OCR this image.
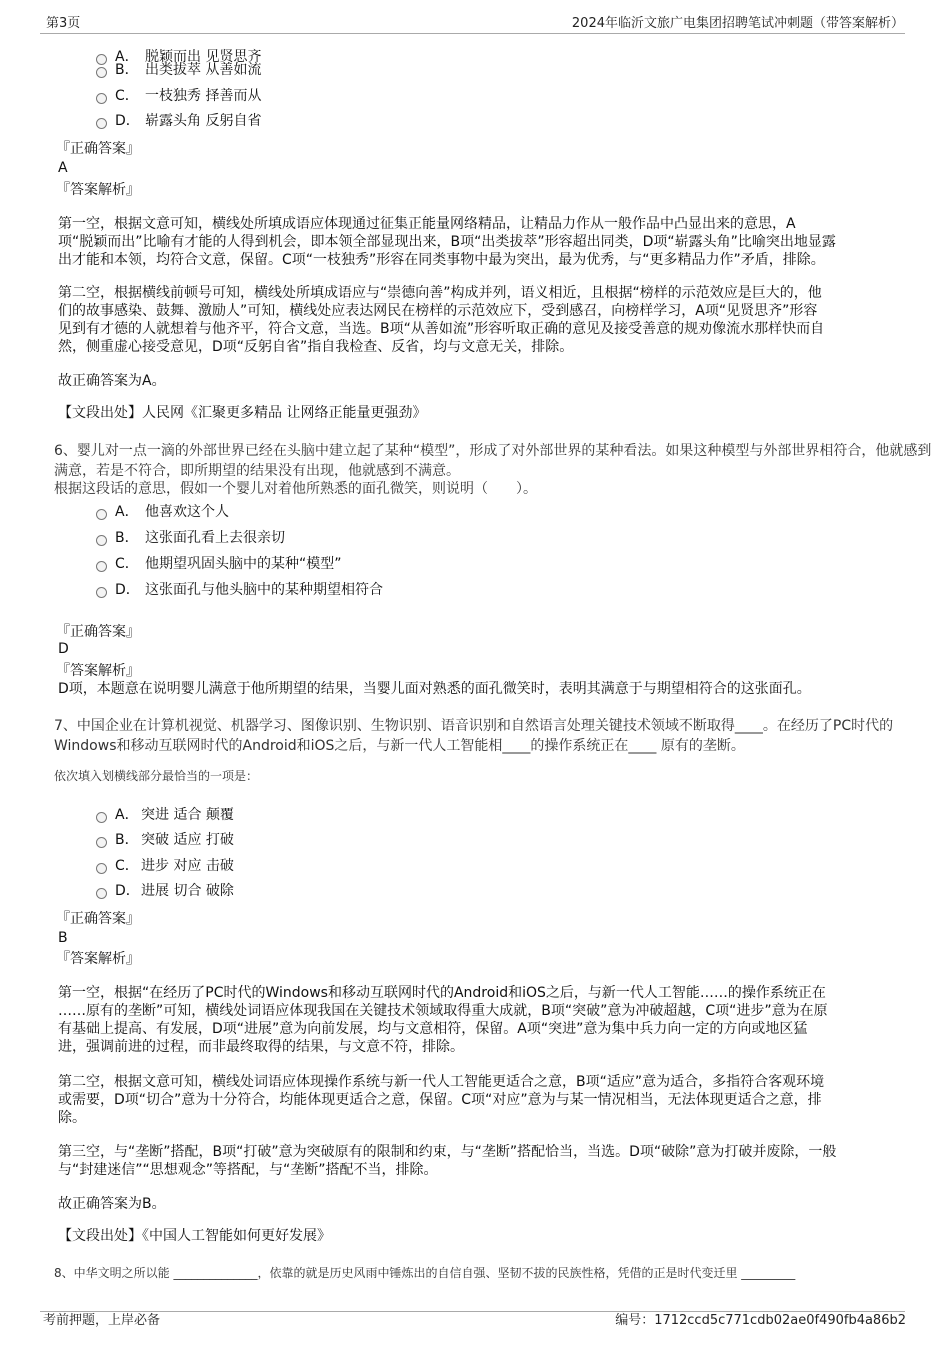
第3页	2024年临沂文旅广电集团招聘笔试冲刺题（带答案解析）
A． 脱颖而出 见贤思齐
B． 出类拔萃 从善如流
C． 一枝独秀 择善而从
D． 崭露头角 反躬自省
『正确答案』
A
『答案解析』
第一空，根据文意可知，横线处所填成语应体现通过征集正能量网络精品，让精品力作从一般作品中凸显出来的意思，A
项“脱颖而出”比喻有才能的人得到机会，即本领全部显现出来，B项“出类拔萃”形容超出同类，D项“崭露头角”比喻突出地显露
出才能和本领，均符合文意，保留。C项“一枝独秀”形容在同类事物中最为突出，最为优秀，与“更多精品力作”矛盾，排除。
第二空，根据横线前顿号可知，横线处所填成语应与“崇德向善”构成并列，语义相近，且根据“榜样的示范效应是巨大的，他
们的故事感染、鼓舞、激励人”可知，横线处应表达网民在榜样的示范效应下，受到感召，向榜样学习，A项“见贤思齐”形容
见到有才德的人就想着与他齐平，符合文意，当选。B项“从善如流”形容听取正确的意见及接受善意的规劝像流水那样快而自
然，侧重虚心接受意见，D项“反躬自省”指自我检查、反省，均与文意无关，排除。
故正确答案为A。
【文段出处】人民网《汇聚更多精品 让网络正能量更强劲》
6、婴儿对一点一滴的外部世界已经在头脑中建立起了某种“模型”，形成了对外部世界的某种看法。如果这种模型与外部世界相符合，他就感到
满意，若是不符合，即所期望的结果没有出现，他就感到不满意。
根据这段话的意思，假如一个婴儿对着他所熟悉的面孔微笑，则说明（　　）。
A． 他喜欢这个人
B． 这张面孔看上去很亲切
C． 他期望巩固头脑中的某种“模型”
D． 这张面孔与他头脑中的某种期望相符合
『正确答案』
D
『答案解析』
D项，本题意在说明婴儿满意于他所期望的结果，当婴儿面对熟悉的面孔微笑时，表明其满意于与期望相符合的这张面孔。
7、中国企业在计算机视觉、机器学习、图像识别、生物识别、语音识别和自然语言处理关键技术领域不断取得____。在经历了PC时代的
Windows和移动互联网时代的Android和iOS之后，与新一代人工智能相____的操作系统正在____ 原有的垄断。
依次填入划横线部分最恰当的一项是：
A． 突进 适合 颠覆
B． 突破 适应 打破
C． 进步 对应 击破
D． 进展 切合 破除
『正确答案』
B
『答案解析』
第一空，根据“在经历了PC时代的Windows和移动互联网时代的Android和iOS之后，与新一代人工智能……的操作系统正在
……原有的垄断”可知，横线处词语应体现我国在关键技术领域取得重大成就，B项“突破”意为冲破超越，C项“进步”意为在原
有基础上提高、有发展，D项“进展”意为向前发展，均与文意相符，保留。A项“突进”意为集中兵力向一定的方向或地区猛
进，强调前进的过程，而非最终取得的结果，与文意不符，排除。
第二空，根据文意可知，横线处词语应体现操作系统与新一代人工智能更适合之意，B项“适应”意为适合，多指符合客观环境
或需要，D项“切合”意为十分符合，均能体现更适合之意，保留。C项“对应”意为与某一情况相当，无法体现更适合之意，排
除。
第三空，与“垄断”搭配，B项“打破”意为突破原有的限制和约束，与“垄断”搭配恰当，当选。D项“破除”意为打破并废除，一般
与“封建迷信”“思想观念”等搭配，与“垄断”搭配不当，排除。
故正确答案为B。
【文段出处】《中国人工智能如何更好发展》
8、中华文明之所以能 ______________，依靠的就是历史风雨中锤炼出的自信自强、坚韧不拔的民族性格，凭借的正是时代变迁里 _________
考前押题，上岸必备	编号：1712ccd5c771cdb02ae0f490fb4a86b2
